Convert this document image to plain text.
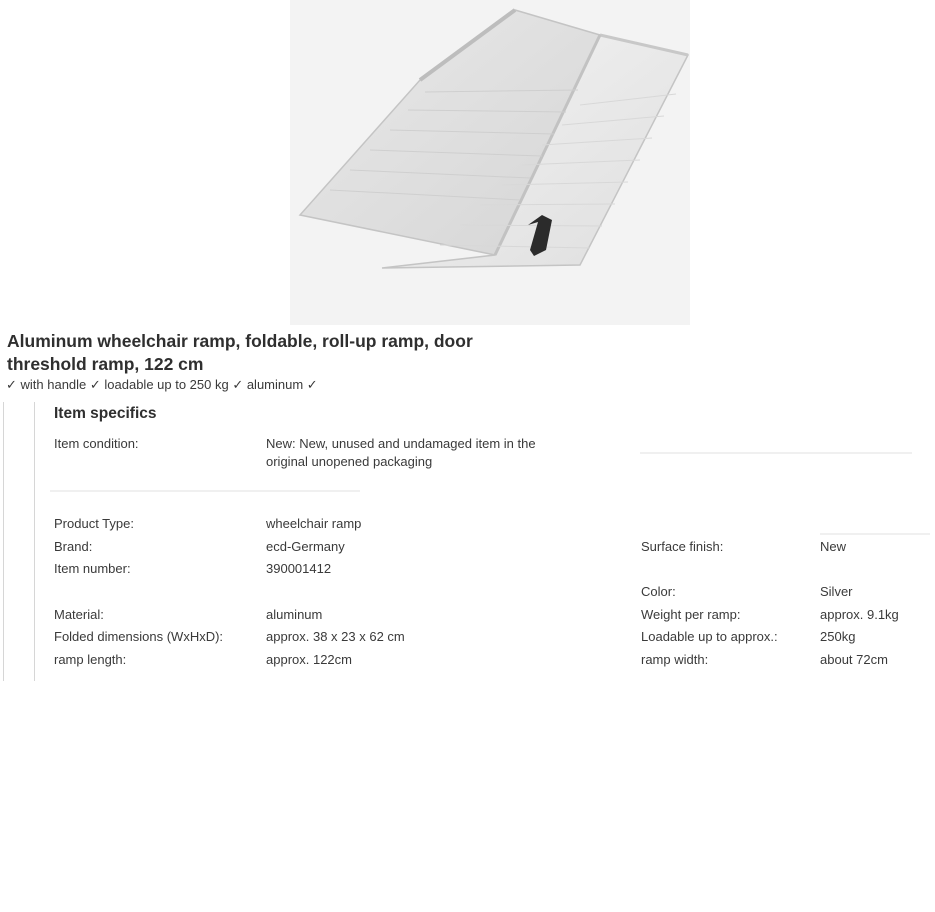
Aluminum wheelchair ramp, foldable, roll-up ramp, door threshold ramp, 122 cm

✓ with handle ✓ loadable up to 250 kg ✓ aluminum ✓

Item specifics
Item condition:	New: New, unused and undamaged item in the original unopened packaging
Product Type:	wheelchair ramp
Brand:	ecd-Germany
Item number:	390001412
Material:	aluminum
Folded dimensions (WxHxD):	approx. 38 x 23 x 62 cm
ramp length:	approx. 122cm
Surface finish:	New
Color:	Silver
Weight per ramp:	approx. 9.1kg
Loadable up to approx.:	250kg
ramp width:	about 72cm
